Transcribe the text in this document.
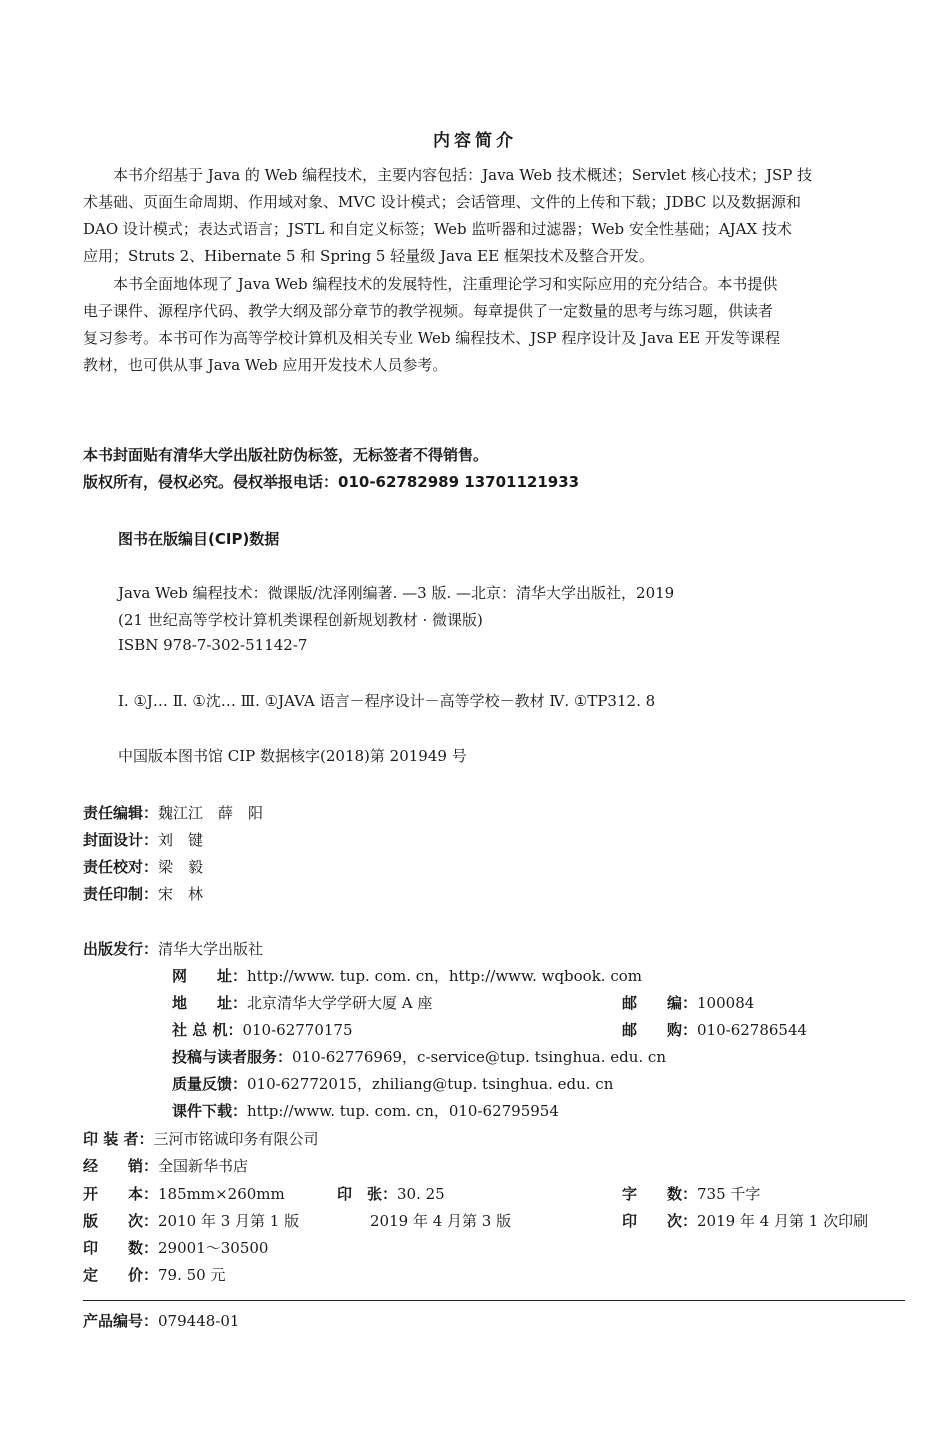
内容简介
本书介绍基于 Java 的 Web 编程技术，主要内容包括：Java Web 技术概述；Servlet 核心技术；JSP 技
术基础、页面生命周期、作用域对象、MVC 设计模式；会话管理、文件的上传和下载；JDBC 以及数据源和
DAO 设计模式；表达式语言；JSTL 和自定义标签；Web 监听器和过滤器；Web 安全性基础；AJAX 技术
应用；Struts 2、Hibernate 5 和 Spring 5 轻量级 Java EE 框架技术及整合开发。
本书全面地体现了 Java Web 编程技术的发展特性，注重理论学习和实际应用的充分结合。本书提供
电子课件、源程序代码、教学大纲及部分章节的教学视频。每章提供了一定数量的思考与练习题，供读者
复习参考。本书可作为高等学校计算机及相关专业 Web 编程技术、JSP 程序设计及 Java EE 开发等课程
教材，也可供从事 Java Web 应用开发技术人员参考。
本书封面贴有清华大学出版社防伪标签，无标签者不得销售。
版权所有，侵权必究。侵权举报电话：010-62782989 13701121933
图书在版编目(CIP)数据
Java Web 编程技术：微课版/沈泽刚编著. —3 版. —北京：清华大学出版社，2019
(21 世纪高等学校计算机类课程创新规划教材 · 微课版)
ISBN 978-7-302-51142-7
Ⅰ. ①J… Ⅱ. ①沈… Ⅲ. ①JAVA 语言－程序设计－高等学校－教材 Ⅳ. ①TP312. 8
中国版本图书馆 CIP 数据核字(2018)第 201949 号
责任编辑：魏江江　薛　阳
封面设计：刘　键
责任校对：梁　毅
责任印制：宋　林
出版发行：清华大学出版社
网　　址：http://www. tup. com. cn，http://www. wqbook. com
地　　址：北京清华大学学研大厦 A 座	邮　　编：100084
社 总 机：010-62770175	邮　　购：010-62786544
投稿与读者服务：010-62776969，c-service@tup. tsinghua. edu. cn
质量反馈：010-62772015，zhiliang@tup. tsinghua. edu. cn
课件下载：http://www. tup. com. cn，010-62795954
印 装 者：三河市铭诚印务有限公司
经　　销：全国新华书店
开　　本：185mm×260mm	印　张：30. 25	字　　数：735 千字
版　　次：2010 年 3 月第 1 版	2019 年 4 月第 3 版	印　　次：2019 年 4 月第 1 次印刷
印　　数：29001～30500
定　　价：79. 50 元
产品编号：079448-01
